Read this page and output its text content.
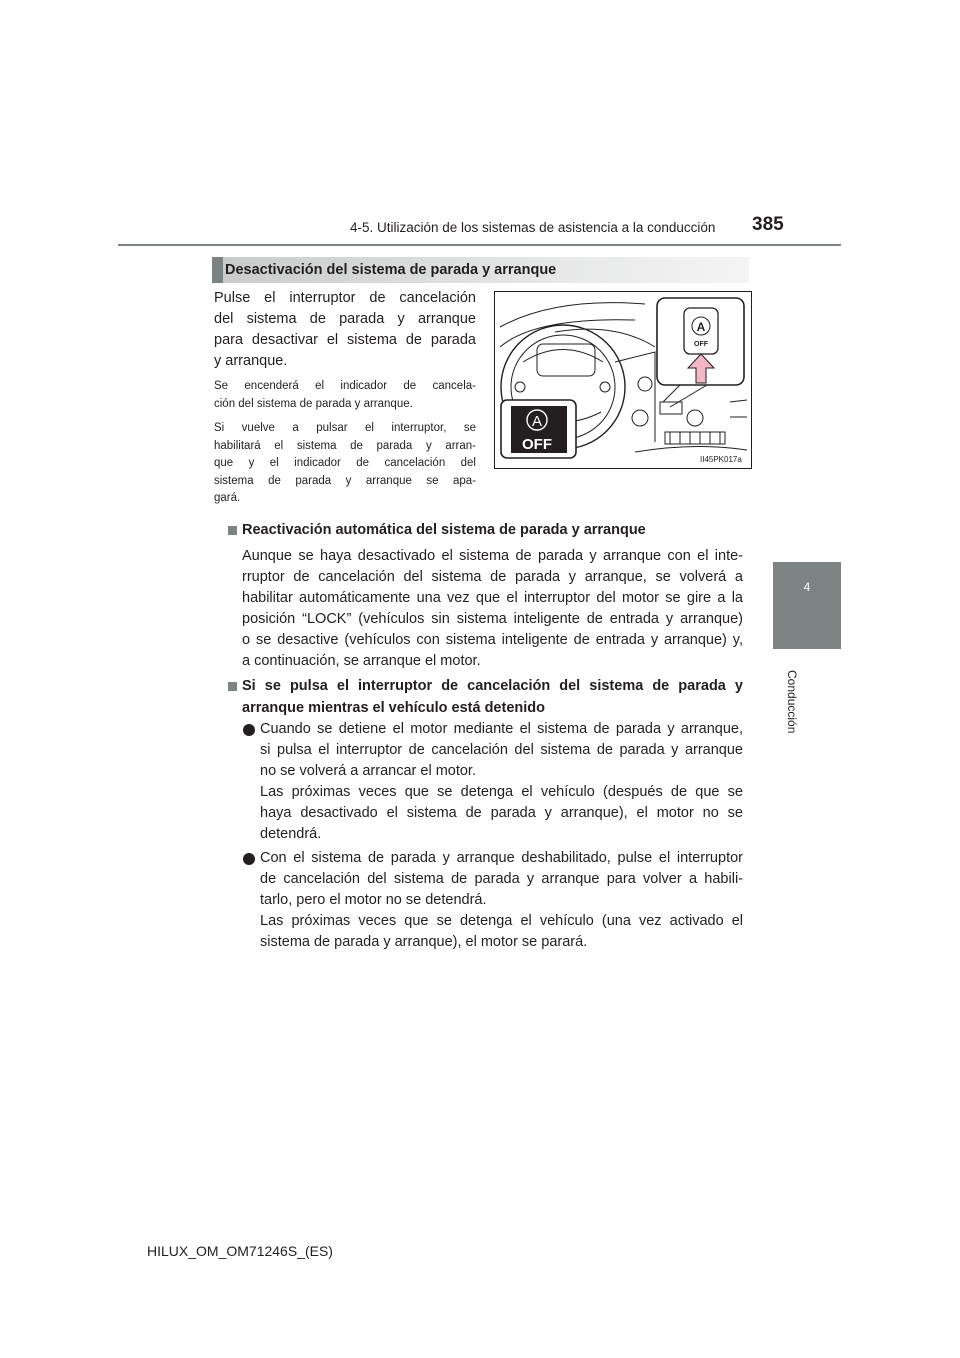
4-5. Utilización de los sistemas de asistencia a la conducción 385
4
Conducción
Desactivación del sistema de parada y arranque
Pulse el interruptor de cancelación
del sistema de parada y arranque
para desactivar el sistema de parada
y arranque.
Se encenderá el indicador de cancela-
ción del sistema de parada y arranque.
Si vuelve a pulsar el interruptor, se
habilitará el sistema de parada y arran-
que y el indicador de cancelación del
sistema de parada y arranque se apa-
gará.
A
OFF
A
OFF
II45PK017a
Reactivación automática del sistema de parada y arranque
Aunque se haya desactivado el sistema de parada y arranque con el inte-
rruptor de cancelación del sistema de parada y arranque, se volverá a
habilitar automáticamente una vez que el interruptor del motor se gire a la
posición “LOCK” (vehículos sin sistema inteligente de entrada y arranque)
o se desactive (vehículos con sistema inteligente de entrada y arranque) y,
a continuación, se arranque el motor.
Si se pulsa el interruptor de cancelación del sistema de parada y
arranque mientras el vehículo está detenido
Cuando se detiene el motor mediante el sistema de parada y arranque,
si pulsa el interruptor de cancelación del sistema de parada y arranque
no se volverá a arrancar el motor.
Las próximas veces que se detenga el vehículo (después de que se
haya desactivado el sistema de parada y arranque), el motor no se
detendrá.
Con el sistema de parada y arranque deshabilitado, pulse el interruptor
de cancelación del sistema de parada y arranque para volver a habili-
tarlo, pero el motor no se detendrá.
Las próximas veces que se detenga el vehículo (una vez activado el
sistema de parada y arranque), el motor se parará.
HILUX_OM_OM71246S_(ES)
